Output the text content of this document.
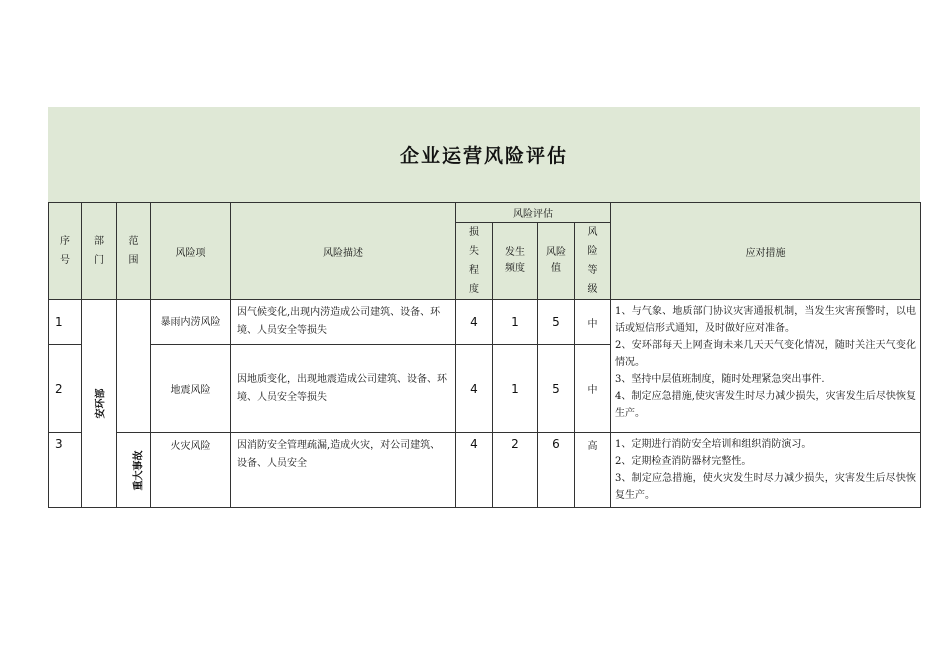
企业运营风险评估
序号	部门	范围	风险项	风险描述	风险评估				应对措施
					损失程度	发生频度	风险值	风险等级	
1	安环部		暴雨内涝风险	因气候变化,出现内涝造成公司建筑、设备、环境、人员安全等损失	4	1	5	中	1、与气象、地质部门协议灾害通报机制，当发生灾害预警时，以电话或短信形式通知，及时做好应对准备。
2、安环部每天上网查询未来几天天气变化情况，随时关注天气变化情况。
3、坚持中层值班制度，随时处理紧急突出事件.
4、制定应急措施,使灾害发生时尽力减少损失，灾害发生后尽快恢复生产。

2			地震风险	因地质变化，出现地震造成公司建筑、设备、环境、人员安全等损失	4	1	5	中	
3		重大事故	火灾风险	因消防安全管理疏漏,造成火灾，对公司建筑、设备、人员安全	4	2	6	高	1、定期进行消防安全培训和组织消防演习。
2、定期检查消防器材完整性。
3、制定应急措施，使火灾发生时尽力减少损失，灾害发生后尽快恢复生产。
